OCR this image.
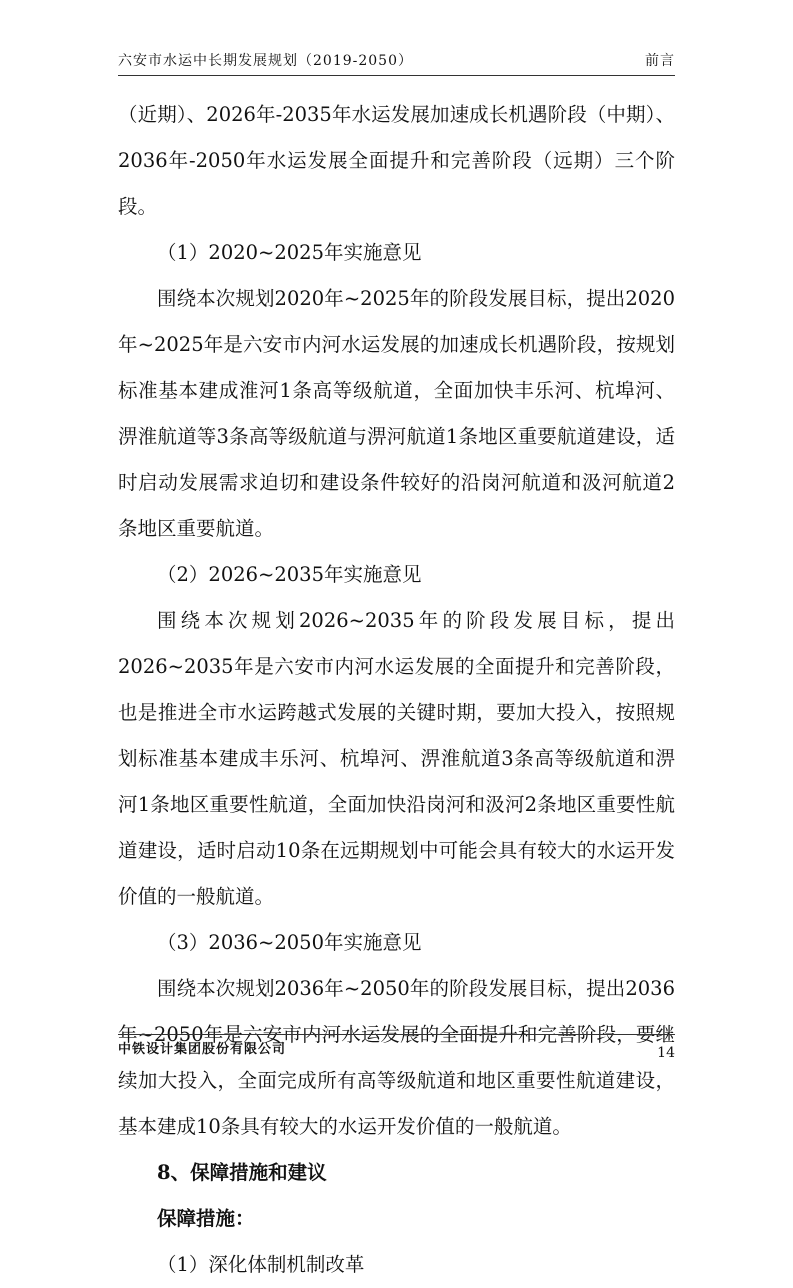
六安市水运中长期发展规划（2019-2050）	前言

（近期）、2026年-2035年水运发展加速成长机遇阶段（中期）、2036年-2050年水运发展全面提升和完善阶段（远期）三个阶段。

（1）2020~2025年实施意见

围绕本次规划2020年~2025年的阶段发展目标，提出2020年~2025年是六安市内河水运发展的加速成长机遇阶段，按规划标准基本建成淮河1条高等级航道，全面加快丰乐河、杭埠河、淠淮航道等3条高等级航道与淠河航道1条地区重要航道建设，适时启动发展需求迫切和建设条件较好的沿岗河航道和汲河航道2条地区重要航道。

（2）2026~2035年实施意见

围绕本次规划2026~2035年的阶段发展目标，提出2026~2035年是六安市内河水运发展的全面提升和完善阶段，也是推进全市水运跨越式发展的关键时期，要加大投入，按照规划标准基本建成丰乐河、杭埠河、淠淮航道3条高等级航道和淠河1条地区重要性航道，全面加快沿岗河和汲河2条地区重要性航道建设，适时启动10条在远期规划中可能会具有较大的水运开发价值的一般航道。

（3）2036~2050年实施意见

围绕本次规划2036年~2050年的阶段发展目标，提出2036年~2050年是六安市内河水运发展的全面提升和完善阶段，要继续加大投入，全面完成所有高等级航道和地区重要性航道建设，基本建成10条具有较大的水运开发价值的一般航道。

8、保障措施和建议

保障措施：

（1）深化体制机制改革

中铁设计集团股份有限公司	14
